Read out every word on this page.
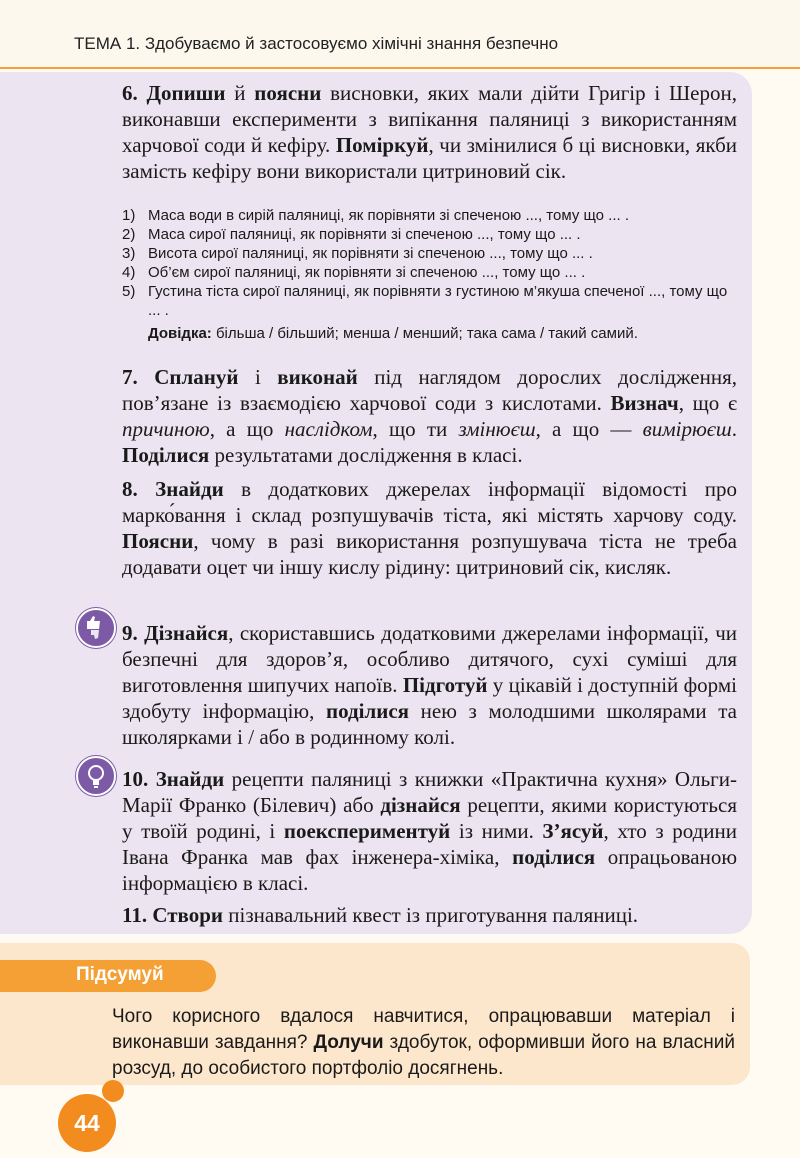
ТЕМА 1. Здобуваємо й застосовуємо хімічні знання безпечно
6. Допиши й поясни висновки, яких мали дійти Григір і Шерон, виконавши експерименти з випікання паляниці з використанням харчової соди й кефіру. Поміркуй, чи змінилися б ці висновки, якби замість кефіру вони використали цитриновий сік.
1) Маса води в сирій паляниці, як порівняти зі спеченою ..., тому що ... .
2) Маса сирої паляниці, як порівняти зі спеченою ..., тому що ... .
3) Висота сирої паляниці, як порівняти зі спеченою ..., тому що ... .
4) Об’єм сирої паляниці, як порівняти зі спеченою ..., тому що ... .
5) Густина тіста сирої паляниці, як порівняти з густиною м’якуша спеченої ..., тому що ... .
Довідка: більша / більший; менша / менший; така сама / такий самий.
7. Сплануй і виконай під наглядом дорослих дослідження, пов’язане із взаємодією харчової соди з кислотами. Визнач, що є причиною, а що наслідком, що ти змінюєш, а що — вимірюєш. Поділися результатами дослідження в класі.
8. Знайди в додаткових джерелах інформації відомості про марко́вання і склад розпушувачів тіста, які містять харчову соду. Поясни, чому в разі використання розпушувача тіста не треба додавати оцет чи іншу кислу рідину: цитриновий сік, кисляк.
9. Дізнайся, скориставшись додатковими джерелами інформації, чи безпечні для здоров’я, особливо дитячого, сухі суміші для виготовлення шипучих напоїв. Підготуй у цікавій і доступній формі здобуту інформацію, поділися нею з молодшими школярами та школярками і / або в родинному колі.
10. Знайди рецепти паляниці з книжки «Практична кухня» Ольги-Марії Франко (Білевич) або дізнайся рецепти, якими користуються у твоїй родині, і поекспериментуй із ними. З’ясуй, хто з родини Івана Франка мав фах інженера-хіміка, поділися опрацьованою інформацією в класі.
11. Створи пізнавальний квест із приготування паляниці.
Підсумуй
Чого корисного вдалося навчитися, опрацювавши матеріал і виконавши завдання? Долучи здобуток, оформивши його на власний розсуд, до особистого портфоліо досягнень.
44
